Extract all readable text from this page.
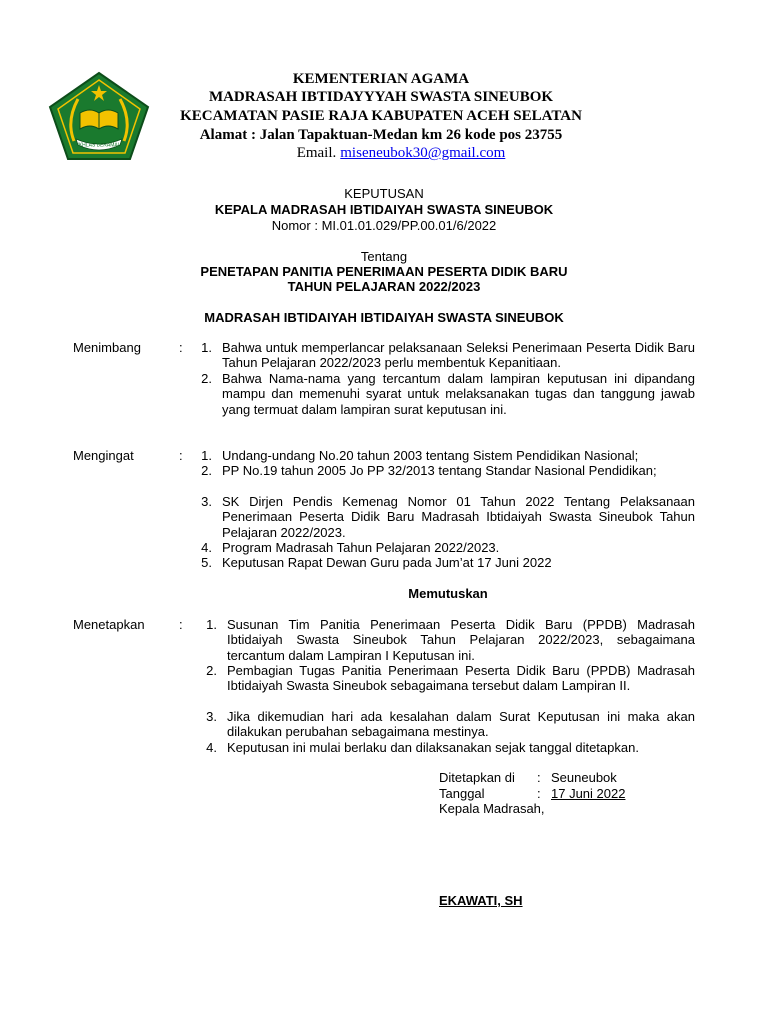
IKHLAS BERAMAL
KEMENTERIAN AGAMA
MADRASAH IBTIDAYYYAH SWASTA SINEUBOK
KECAMATAN PASIE RAJA KABUPATEN ACEH SELATAN
Alamat : Jalan Tapaktuan-Medan km 26 kode pos 23755
Email. miseneubok30@gmail.com
KEPUTUSAN
KEPALA MADRASAH IBTIDAIYAH SWASTA SINEUBOK
Nomor : MI.01.01.029/PP.00.01/6/2022
Tentang
PENETAPAN PANITIA PENERIMAAN PESERTA DIDIK BARU
TAHUN PELAJARAN 2022/2023
MADRASAH IBTIDAIYAH IBTIDAIYAH SWASTA SINEUBOK
Menimbang	:	1. Bahwa untuk memperlancar pelaksanaan Seleksi Penerimaan Peserta Didik Baru Tahun Pelajaran 2022/2023 perlu membentuk Kepanitiaan.
2. Bahwa Nama-nama yang tercantum dalam lampiran keputusan ini dipandang mampu dan memenuhi syarat untuk melaksanakan tugas dan tanggung jawab yang termuat dalam lampiran surat keputusan ini.
Mengingat	:	1. Undang-undang No.20 tahun 2003 tentang Sistem Pendidikan Nasional;
2. PP No.19 tahun 2005 Jo PP 32/2013 tentang Standar Nasional Pendidikan;
3. SK Dirjen Pendis Kemenag Nomor 01 Tahun 2022 Tentang Pelaksanaan Penerimaan Peserta Didik Baru Madrasah Ibtidaiyah Swasta Sineubok Tahun Pelajaran 2022/2023.
4. Program Madrasah Tahun Pelajaran 2022/2023.
5. Keputusan Rapat Dewan Guru pada Jum’at 17 Juni 2022
Memutuskan
Menetapkan	:	1. Susunan Tim Panitia Penerimaan Peserta Didik Baru (PPDB) Madrasah Ibtidaiyah Swasta Sineubok Tahun Pelajaran 2022/2023, sebagaimana tercantum dalam Lampiran I Keputusan ini.
2. Pembagian Tugas Panitia Penerimaan Peserta Didik Baru (PPDB) Madrasah Ibtidaiyah Swasta Sineubok sebagaimana tersebut dalam Lampiran II.
3. Jika dikemudian hari ada kesalahan dalam Surat Keputusan ini maka akan dilakukan perubahan sebagaimana mestinya.
4. Keputusan ini mulai berlaku dan dilaksanakan sejak tanggal ditetapkan.
Ditetapkan di : Seuneubok
Tanggal	: 17 Juni 2022
Kepala Madrasah,
EKAWATI, SH
